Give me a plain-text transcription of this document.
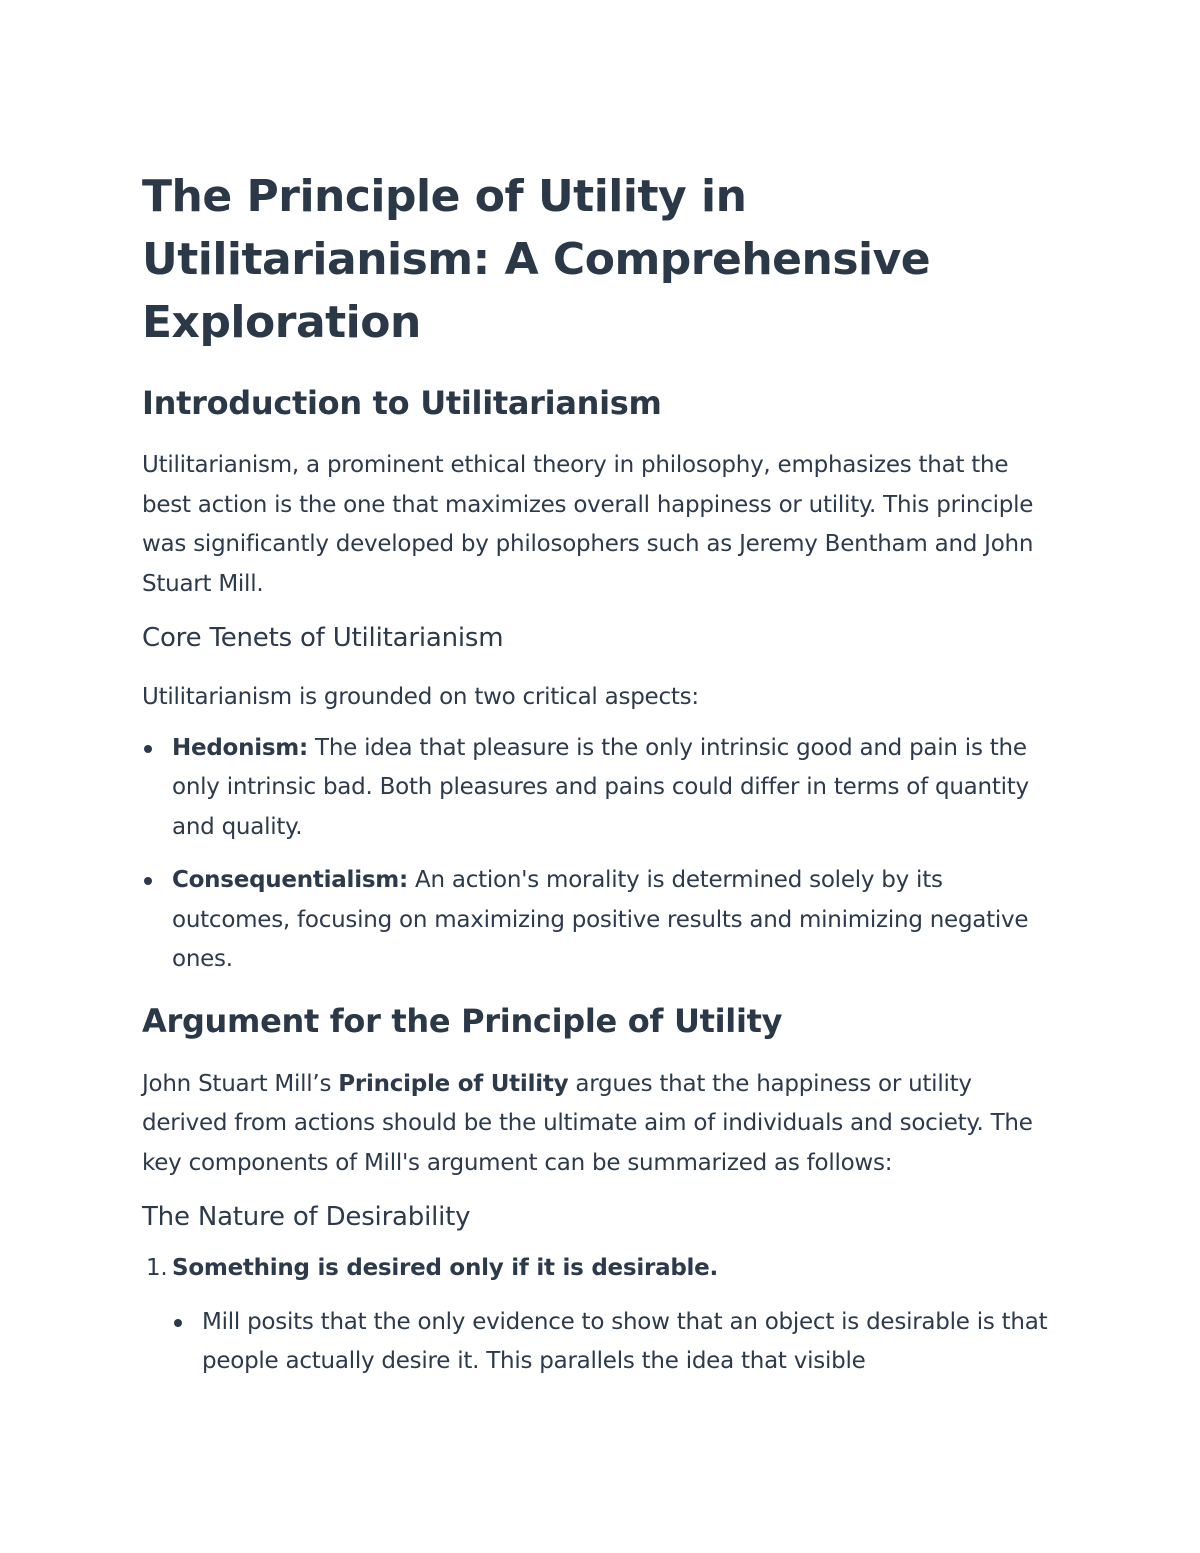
The Principle of Utility in Utilitarianism: A Comprehensive Exploration
Introduction to Utilitarianism

Utilitarianism, a prominent ethical theory in philosophy, emphasizes that the best action is the one that maximizes overall happiness or utility. This principle was significantly developed by philosophers such as Jeremy Bentham and John Stuart Mill.

Core Tenets of Utilitarianism

Utilitarianism is grounded on two critical aspects:

Hedonism: The idea that pleasure is the only intrinsic good and pain is the only intrinsic bad. Both pleasures and pains could differ in terms of quantity and quality.
Consequentialism: An action's morality is determined solely by its outcomes, focusing on maximizing positive results and minimizing negative ones.
Argument for the Principle of Utility

John Stuart Mill’s Principle of Utility argues that the happiness or utility derived from actions should be the ultimate aim of individuals and society. The key components of Mill's argument can be summarized as follows:

The Nature of Desirability
1. Something is desired only if it is desirable.
Mill posits that the only evidence to show that an object is desirable is that people actually desire it. This parallels the idea that visible
